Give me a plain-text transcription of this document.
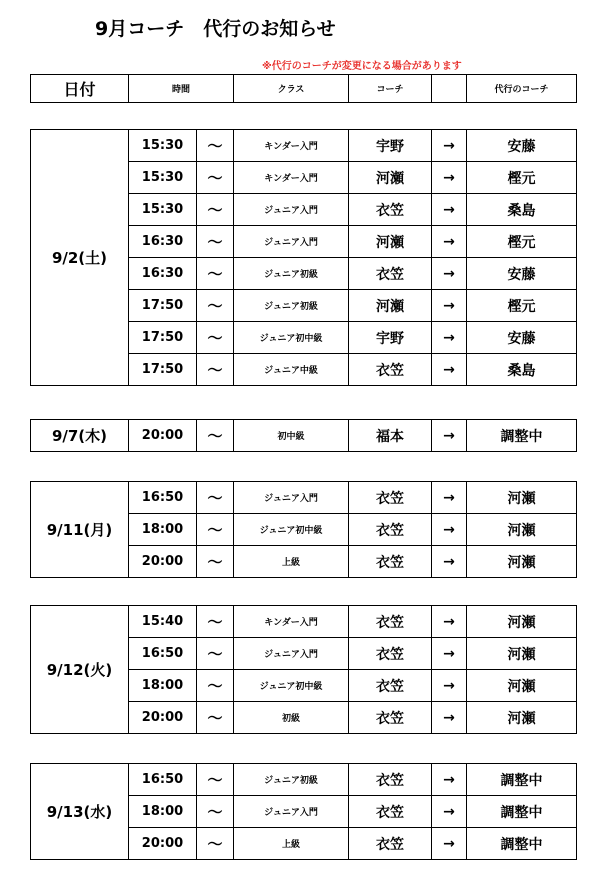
9月コーチ　代行のお知らせ
※代行のコーチが変更になる場合があります
日付	時間	クラス	コーチ		代行のコーチ
9/2(土)	15:30	〜	キンダー入門	宇野	→	安藤
	15:30	〜	キンダー入門	河瀬	→	樫元
	15:30	〜	ジュニア入門	衣笠	→	桑島
	16:30	〜	ジュニア入門	河瀬	→	樫元
	16:30	〜	ジュニア初級	衣笠	→	安藤
	17:50	〜	ジュニア初級	河瀬	→	樫元
	17:50	〜	ジュニア初中級	宇野	→	安藤
	17:50	〜	ジュニア中級	衣笠	→	桑島
9/7(木)	20:00	〜	初中級	福本	→	調整中
9/11(月)	16:50	〜	ジュニア入門	衣笠	→	河瀬
	18:00	〜	ジュニア初中級	衣笠	→	河瀬
	20:00	〜	上級	衣笠	→	河瀬
9/12(火)	15:40	〜	キンダー入門	衣笠	→	河瀬
	16:50	〜	ジュニア入門	衣笠	→	河瀬
	18:00	〜	ジュニア初中級	衣笠	→	河瀬
	20:00	〜	初級	衣笠	→	河瀬
9/13(水)	16:50	〜	ジュニア初級	衣笠	→	調整中
	18:00	〜	ジュニア入門	衣笠	→	調整中
	20:00	〜	上級	衣笠	→	調整中
